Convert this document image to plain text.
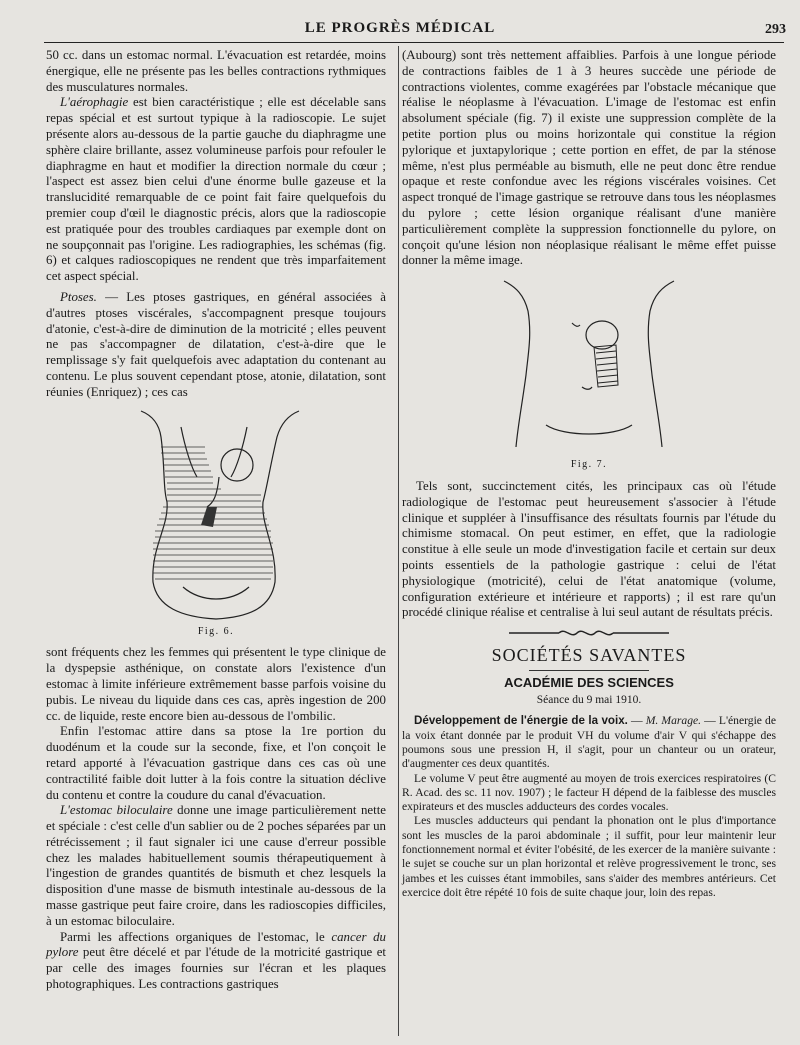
LE PROGRÈS MÉDICAL	293

50 cc. dans un estomac normal. L'évacuation est retardée, moins énergique, elle ne présente pas les belles contractions rythmiques des musculatures normales.

L'aérophagie est bien caractéristique ; elle est décelable sans repas spécial et est surtout typique à la radioscopie. Le sujet présente alors au-dessous de la partie gauche du diaphragme une sphère claire brillante, assez volumineuse parfois pour refouler le diaphragme en haut et modifier la direction normale du cœur ; l'aspect est assez bien celui d'une énorme bulle gazeuse et la translucidité remarquable de ce point fait faire quelquefois du premier coup d'œil le diagnostic précis, alors que la radioscopie est pratiquée pour des troubles cardiaques par exemple dont on ne soupçonnait pas l'origine. Les radiographies, les schémas (fig. 6) et calques radioscopiques ne rendent que très imparfaitement cet aspect spécial.

Ptoses. — Les ptoses gastriques, en général associées à d'autres ptoses viscérales, s'accompagnent presque toujours d'atonie, c'est-à-dire de diminution de la motricité ; elles peuvent ne pas s'accompagner de dilatation, c'est-à-dire que le remplissage s'y fait quelquefois avec adaptation du contenant au contenu. Le plus souvent cependant ptose, atonie, dilatation, sont réunies (Enriquez) ; ces cas

Fig. 6.

sont fréquents chez les femmes qui présentent le type clinique de la dyspepsie asthénique, on constate alors l'existence d'un estomac à limite inférieure extrêmement basse parfois voisine du pubis. Le niveau du liquide dans ces cas, après ingestion de 200 cc. de liquide, reste encore bien au-dessous de l'ombilic.

Enfin l'estomac attire dans sa ptose la 1re portion du duodénum et la coude sur la seconde, fixe, et l'on conçoit le retard apporté à l'évacuation gastrique dans ces cas où une contractilité faible doit lutter à la fois contre la situation déclive du contenu et contre la coudure du canal d'évacuation.

L'estomac biloculaire donne une image particulièrement nette et spéciale : c'est celle d'un sablier ou de 2 poches séparées par un rétrécissement ; il faut signaler ici une cause d'erreur possible chez les malades habituellement soumis thérapeutiquement à l'ingestion de grandes quantités de bismuth et chez lesquels la disposition d'une masse de bismuth intestinale au-dessous de la masse gastrique peut faire croire, dans les radioscopies difficiles, à un estomac biloculaire.

Parmi les affections organiques de l'estomac, le cancer du pylore peut être décelé et par l'étude de la motricité gastrique et par celle des images fournies sur l'écran et les plaques photographiques. Les contractions gastriques

(Aubourg) sont très nettement affaiblies. Parfois à une longue période de contractions faibles de 1 à 3 heures succède une période de contractions violentes, comme exagérées par l'obstacle mécanique que réalise le néoplasme à l'évacuation. L'image de l'estomac est enfin absolument spéciale (fig. 7) il existe une suppression complète de la petite portion plus ou moins horizontale qui constitue la région pylorique et juxtapylorique ; cette portion en effet, de par la sténose même, n'est plus perméable au bismuth, elle ne peut donc être rendue opaque et reste confondue avec les régions viscérales voisines. Cet aspect tronqué de l'image gastrique se retrouve dans tous les néoplasmes du pylore ; cette lésion organique réalisant d'une manière particulièrement complète la suppression fonctionnelle du pylore, on conçoit qu'une lésion non néoplasique réalisant le même effet puisse donner la même image.

Fig. 7.

Tels sont, succinctement cités, les principaux cas où l'étude radiologique de l'estomac peut heureusement s'associer à l'étude clinique et suppléer à l'insuffisance des résultats fournis par l'étude du chimisme stomacal. On peut estimer, en effet, que la radiologie constitue à elle seule un mode d'investigation facile et certain sur deux points essentiels de la pathologie gastrique : celui de l'état physiologique (motricité), celui de l'état anatomique (volume, configuration extérieure et intérieure et rapports) ; il est rare qu'un procédé clinique réalise et centralise à lui seul autant de résultats précis.

SOCIÉTÉS SAVANTES
ACADÉMIE DES SCIENCES
Séance du 9 mai 1910.

Développement de l'énergie de la voix. — M. Marage. — L'énergie de la voix étant donnée par le produit VH du volume d'air V qui s'échappe des poumons sous une pression H, il s'agit, pour un chanteur ou un orateur, d'augmenter ces deux quantités.

Le volume V peut être augmenté au moyen de trois exercices respiratoires (C R. Acad. des sc. 11 nov. 1907) ; le facteur H dépend de la faiblesse des muscles expirateurs et des muscles adducteurs des cordes vocales.

Les muscles adducteurs qui pendant la phonation ont le plus d'importance sont les muscles de la paroi abdominale ; il suffit, pour leur maintenir leur fonctionnement normal et éviter l'obésité, de les exercer de la manière suivante : le sujet se couche sur un plan horizontal et relève progressivement le tronc, ses jambes et les cuisses étant immobiles, sans s'aider des membres antérieurs. Cet exercice doit être répété 10 fois de suite chaque jour, loin des repas.
